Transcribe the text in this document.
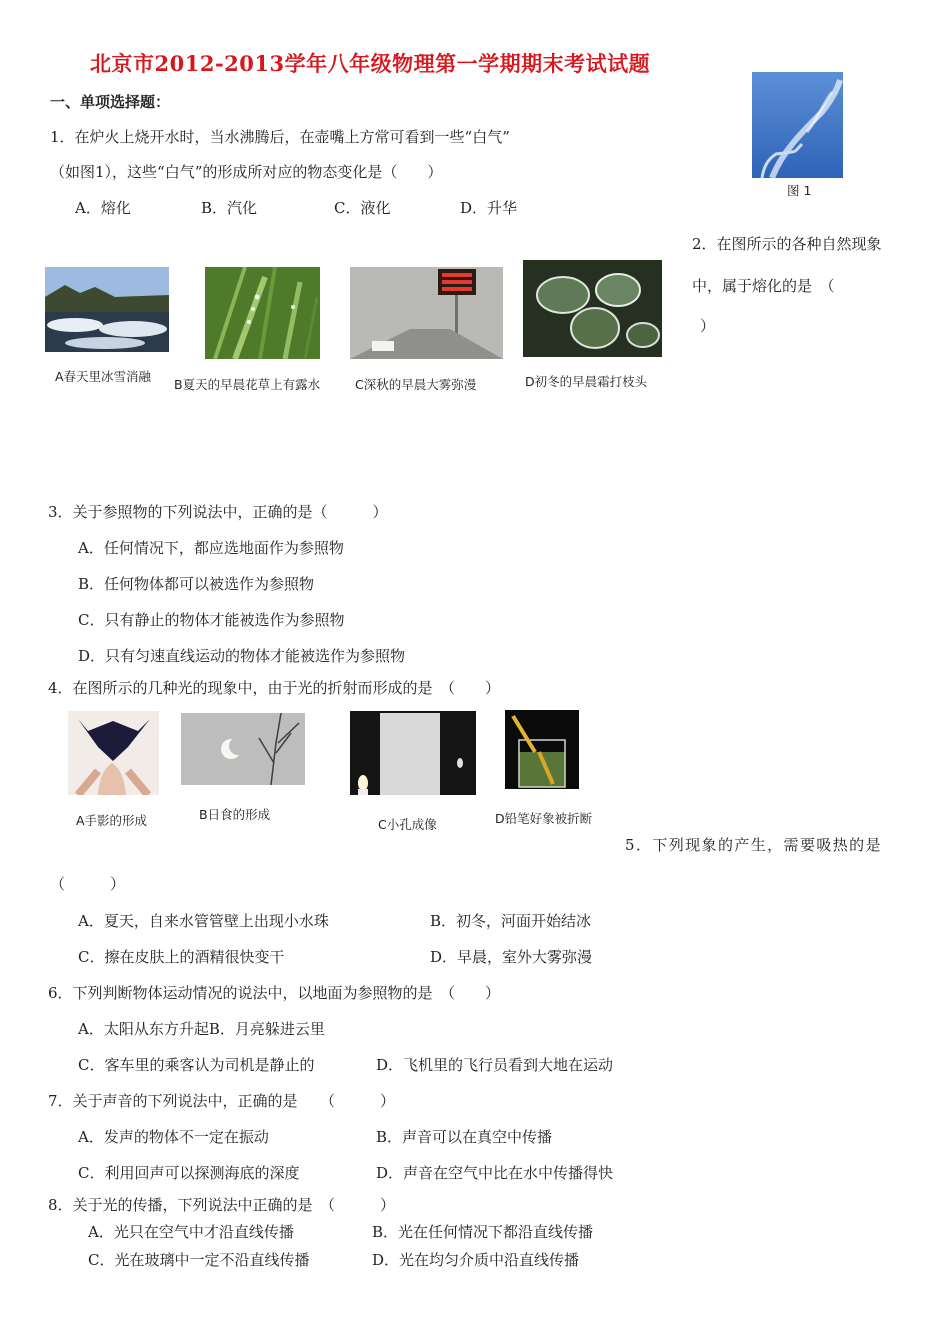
北京市2012-2013学年八年级物理第一学期期末考试试题
一、单项选择题：
图 1
1．在炉火上烧开水时，当水沸腾后，在壶嘴上方常可看到一些“白气”
（如图1），这些“白气”的形成所对应的物态变化是（　　）
A．熔化	B．汽化	C．液化	D．升华
2．在图所示的各种自然现象
中，属于熔化的是　（
）
A春天里冰雪消融
B夏天的早晨花草上有露水	C深秋的早晨大雾弥漫	D初冬的早晨霜打枝头
3．关于参照物的下列说法中，正确的是（　　　）
A．任何情况下，都应选地面作为参照物
B．任何物体都可以被选作为参照物
C．只有静止的物体才能被选作为参照物
D．只有匀速直线运动的物体才能被选作为参照物
4．在图所示的几种光的现象中，由于光的折射而形成的是　（　　）
A手影的形成	B日食的形成
C小孔成像	D铅笔好象被折断
5．下列现象的产生，需要吸热的是
（　　　）
A．夏天，自来水管管壁上出现小水珠	B．初冬，河面开始结冰
C．擦在皮肤上的酒精很快变干	D．早晨，室外大雾弥漫
6．下列判断物体运动情况的说法中，以地面为参照物的是　（　　）
A．太阳从东方升起B．月亮躲进云里
C．客车里的乘客认为司机是静止的	D．飞机里的飞行员看到大地在运动
7．关于声音的下列说法中，正确的是　　（　　　）
A．发声的物体不一定在振动	B．声音可以在真空中传播
C．利用回声可以探测海底的深度	D．声音在空气中比在水中传播得快
8．关于光的传播，下列说法中正确的是　（　　　）
A．光只在空气中才沿直线传播	B．光在任何情况下都沿直线传播
C．光在玻璃中一定不沿直线传播	D．光在均匀介质中沿直线传播
